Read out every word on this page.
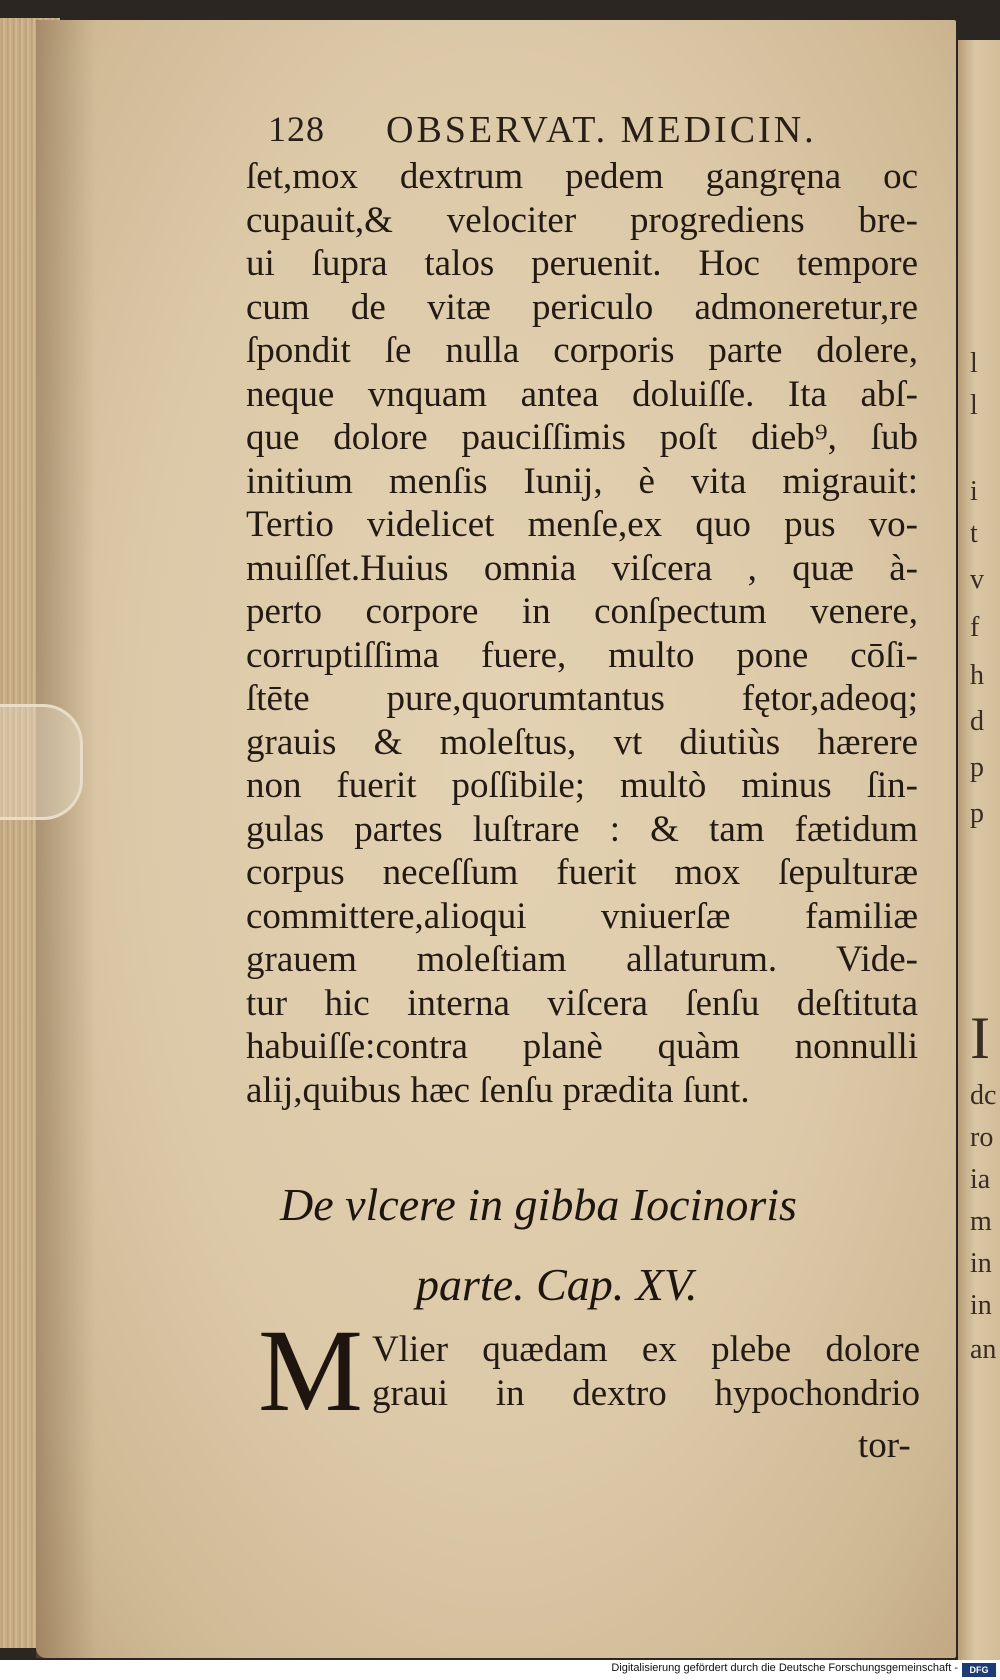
l
l
i
t
v
f
h
d
p
p
I
dc
ro
ia
m
in
in
an
128 OBSERVAT. MEDICIN.
ſet,mox dextrum pedem gangręna oc
cupauit,& velociter progrediens bre-
ui ſupra talos peruenit. Hoc tempore
cum de vitæ periculo admoneretur,re
ſpondit ſe nulla corporis parte dolere,
neque vnquam antea doluiſſe. Ita abſ-
que dolore pauciſſimis poſt dieb⁹, ſub
initium menſis Iunij, è vita migrauit:
Tertio videlicet menſe,ex quo pus vo-
muiſſet.Huius omnia viſcera , quæ à-
perto corpore in conſpectum venere,
corruptiſſima fuere, multo pone cōſi-
ſtēte pure,quorumtantus fętor,adeoq;
grauis & moleſtus, vt diutiùs hærere
non fuerit poſſibile; multò minus ſin-
gulas partes luſtrare : & tam fætidum
corpus neceſſum fuerit mox ſepulturæ
committere,alioqui vniuerſæ familiæ
grauem moleſtiam allaturum. Vide-
tur hic interna viſcera ſenſu deſtituta
habuiſſe:contra planè quàm nonnulli
alij,quibus hæc ſenſu prædita ſunt.
De vlcere in gibba Iocinoris
parte. Cap. XV.
M Vlier quædam ex plebe dolore
graui in dextro hypochondrio
tor-
Digitalisierung gefördert durch die Deutsche Forschungsgemeinschaft -	DFG
